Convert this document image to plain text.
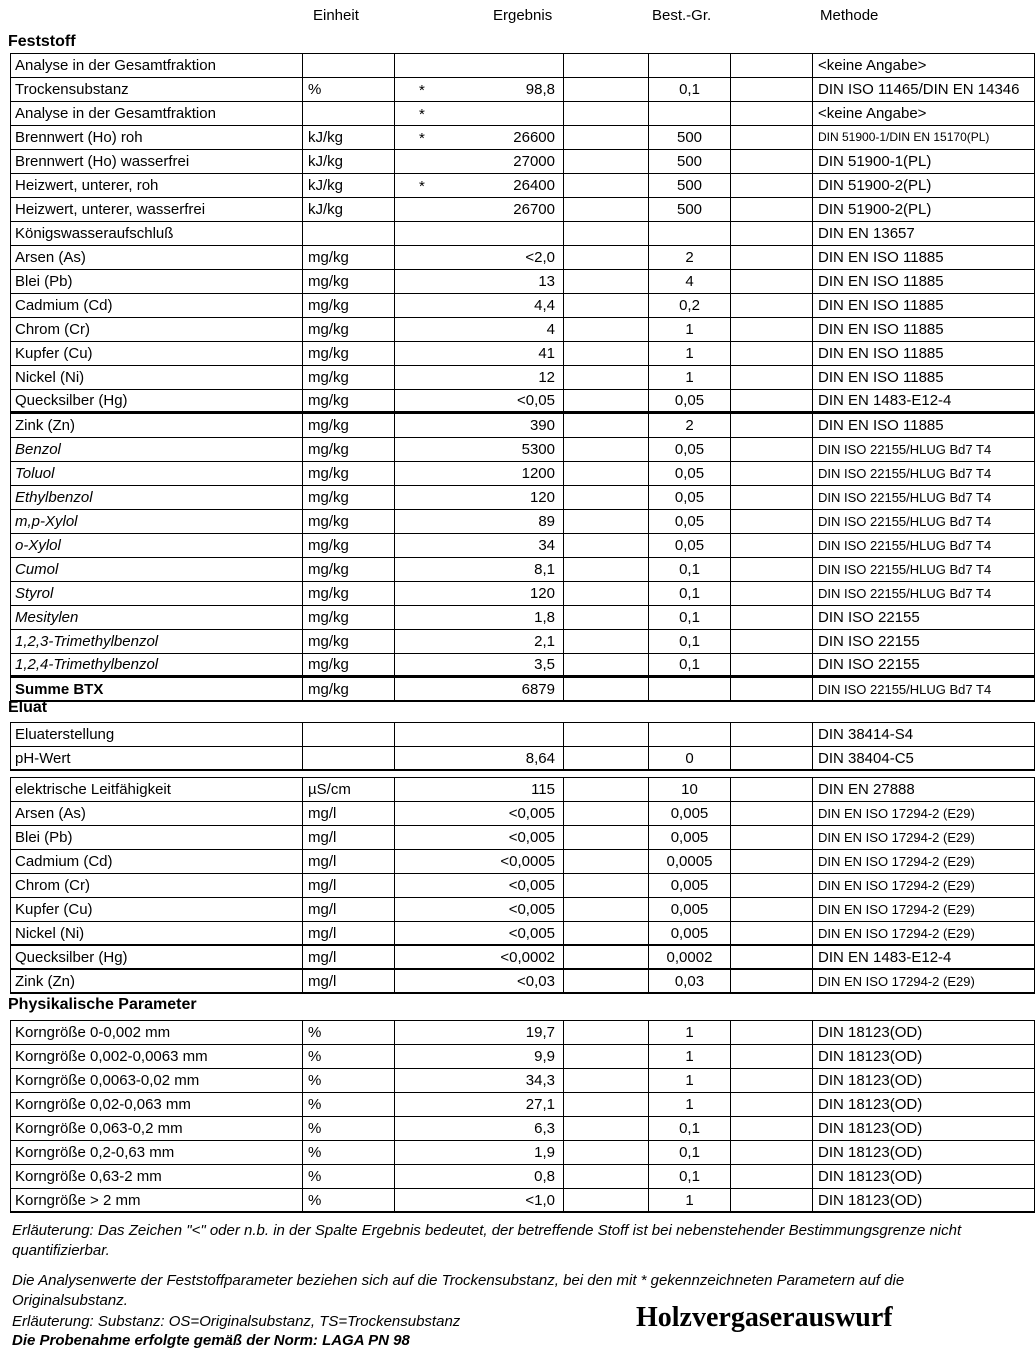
Einheit	Ergebnis	Best.-Gr.	Methode
Feststoff
Analyse in der Gesamtfraktion	<keine Angabe>
Trockensubstanz	%	*	98,8	0,1	DIN ISO 11465/DIN EN 14346
Analyse in der Gesamtfraktion	*	<keine Angabe>
Brennwert (Ho) roh	kJ/kg	*	26600	500	DIN 51900-1/DIN EN 15170(PL)
Brennwert (Ho) wasserfrei	kJ/kg	27000	500	DIN 51900-1(PL)
Heizwert, unterer, roh	kJ/kg	*	26400	500	DIN 51900-2(PL)
Heizwert, unterer, wasserfrei	kJ/kg	26700	500	DIN 51900-2(PL)
Königswasseraufschluß	DIN EN 13657
Arsen (As)	mg/kg	<2,0	2	DIN EN ISO 11885
Blei (Pb)	mg/kg	13	4	DIN EN ISO 11885
Cadmium (Cd)	mg/kg	4,4	0,2	DIN EN ISO 11885
Chrom (Cr)	mg/kg	4	1	DIN EN ISO 11885
Kupfer (Cu)	mg/kg	41	1	DIN EN ISO 11885
Nickel (Ni)	mg/kg	12	1	DIN EN ISO 11885
Quecksilber (Hg)	mg/kg	<0,05	0,05	DIN EN 1483-E12-4
Zink (Zn)	mg/kg	390	2	DIN EN ISO 11885
Benzol	mg/kg	5300	0,05	DIN ISO 22155/HLUG Bd7 T4
Toluol	mg/kg	1200	0,05	DIN ISO 22155/HLUG Bd7 T4
Ethylbenzol	mg/kg	120	0,05	DIN ISO 22155/HLUG Bd7 T4
m,p-Xylol	mg/kg	89	0,05	DIN ISO 22155/HLUG Bd7 T4
o-Xylol	mg/kg	34	0,05	DIN ISO 22155/HLUG Bd7 T4
Cumol	mg/kg	8,1	0,1	DIN ISO 22155/HLUG Bd7 T4
Styrol	mg/kg	120	0,1	DIN ISO 22155/HLUG Bd7 T4
Mesitylen	mg/kg	1,8	0,1	DIN ISO 22155
1,2,3-Trimethylbenzol	mg/kg	2,1	0,1	DIN ISO 22155
1,2,4-Trimethylbenzol	mg/kg	3,5	0,1	DIN ISO 22155
Summe BTX	mg/kg	6879	DIN ISO 22155/HLUG Bd7 T4
Eluat
Eluaterstellung	DIN 38414-S4
pH-Wert	8,64	0	DIN 38404-C5
elektrische Leitfähigkeit	µS/cm	115	10	DIN EN 27888
Arsen (As)	mg/l	<0,005	0,005	DIN EN ISO 17294-2 (E29)
Blei (Pb)	mg/l	<0,005	0,005	DIN EN ISO 17294-2 (E29)
Cadmium (Cd)	mg/l	<0,0005	0,0005	DIN EN ISO 17294-2 (E29)
Chrom (Cr)	mg/l	<0,005	0,005	DIN EN ISO 17294-2 (E29)
Kupfer (Cu)	mg/l	<0,005	0,005	DIN EN ISO 17294-2 (E29)
Nickel (Ni)	mg/l	<0,005	0,005	DIN EN ISO 17294-2 (E29)
Quecksilber (Hg)	mg/l	<0,0002	0,0002	DIN EN 1483-E12-4
Zink (Zn)	mg/l	<0,03	0,03	DIN EN ISO 17294-2 (E29)
Physikalische Parameter
Korngröße 0-0,002 mm	%	19,7	1	DIN 18123(OD)
Korngröße 0,002-0,0063 mm	%	9,9	1	DIN 18123(OD)
Korngröße 0,0063-0,02 mm	%	34,3	1	DIN 18123(OD)
Korngröße 0,02-0,063 mm	%	27,1	1	DIN 18123(OD)
Korngröße 0,063-0,2 mm	%	6,3	0,1	DIN 18123(OD)
Korngröße 0,2-0,63 mm	%	1,9	0,1	DIN 18123(OD)
Korngröße 0,63-2 mm	%	0,8	0,1	DIN 18123(OD)
Korngröße > 2 mm	%	<1,0	1	DIN 18123(OD)
Erläuterung: Das Zeichen "<" oder n.b. in der Spalte Ergebnis bedeutet, der betreffende Stoff ist bei nebenstehender Bestimmungsgrenze nicht quantifizierbar.
Die Analysenwerte der Feststoffparameter beziehen sich auf die Trockensubstanz, bei den mit * gekennzeichneten Parametern auf die Originalsubstanz.
Erläuterung: Substanz: OS=Originalsubstanz, TS=Trockensubstanz
Die Probenahme erfolgte gemäß der Norm: LAGA PN 98
Holzvergaserauswurf
